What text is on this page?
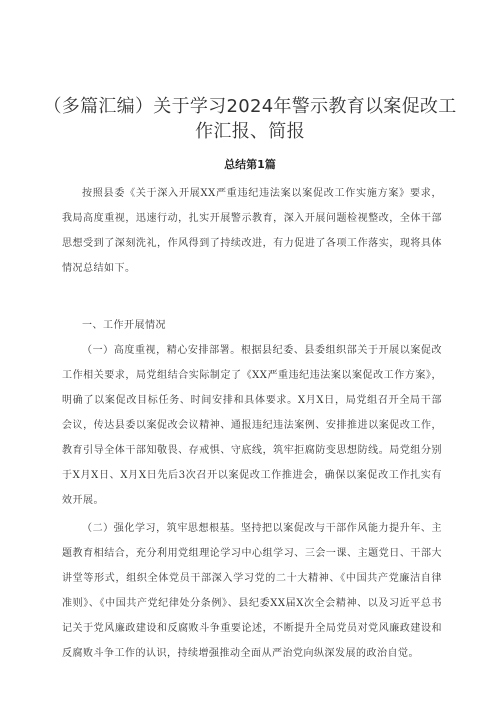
（多篇汇编）关于学习2024年警示教育以案促改工作汇报、简报
总结第1篇

按照县委《关于深入开展XX严重违纪违法案以案促改工作实施方案》要求，我局高度重视，迅速行动，扎实开展警示教育，深入开展问题检视整改，全体干部思想受到了深刻洗礼，作风得到了持续改进，有力促进了各项工作落实，现将具体情况总结如下。

一、工作开展情况

（一）高度重视，精心安排部署。根据县纪委、县委组织部关于开展以案促改工作相关要求，局党组结合实际制定了《XX严重违纪违法案以案促改工作方案》，明确了以案促改目标任务、时间安排和具体要求。X月X日，局党组召开全局干部会议，传达县委以案促改会议精神、通报违纪违法案例、安排推进以案促改工作，教育引导全体干部知敬畏、存戒惧、守底线，筑牢拒腐防变思想防线。局党组分别于X月X日、X月X日先后3次召开以案促改工作推进会，确保以案促改工作扎实有效开展。

（二）强化学习，筑牢思想根基。坚持把以案促改与干部作风能力提升年、主题教育相结合，充分利用党组理论学习中心组学习、三会一课、主题党日、干部大讲堂等形式，组织全体党员干部深入学习党的二十大精神、《中国共产党廉洁自律准则》、《中国共产党纪律处分条例》、县纪委XX届X次全会精神、以及习近平总书记关于党风廉政建设和反腐败斗争重要论述，不断提升全局党员对党风廉政建设和反腐败斗争工作的认识，持续增强推动全面从严治党向纵深发展的政治自觉。
